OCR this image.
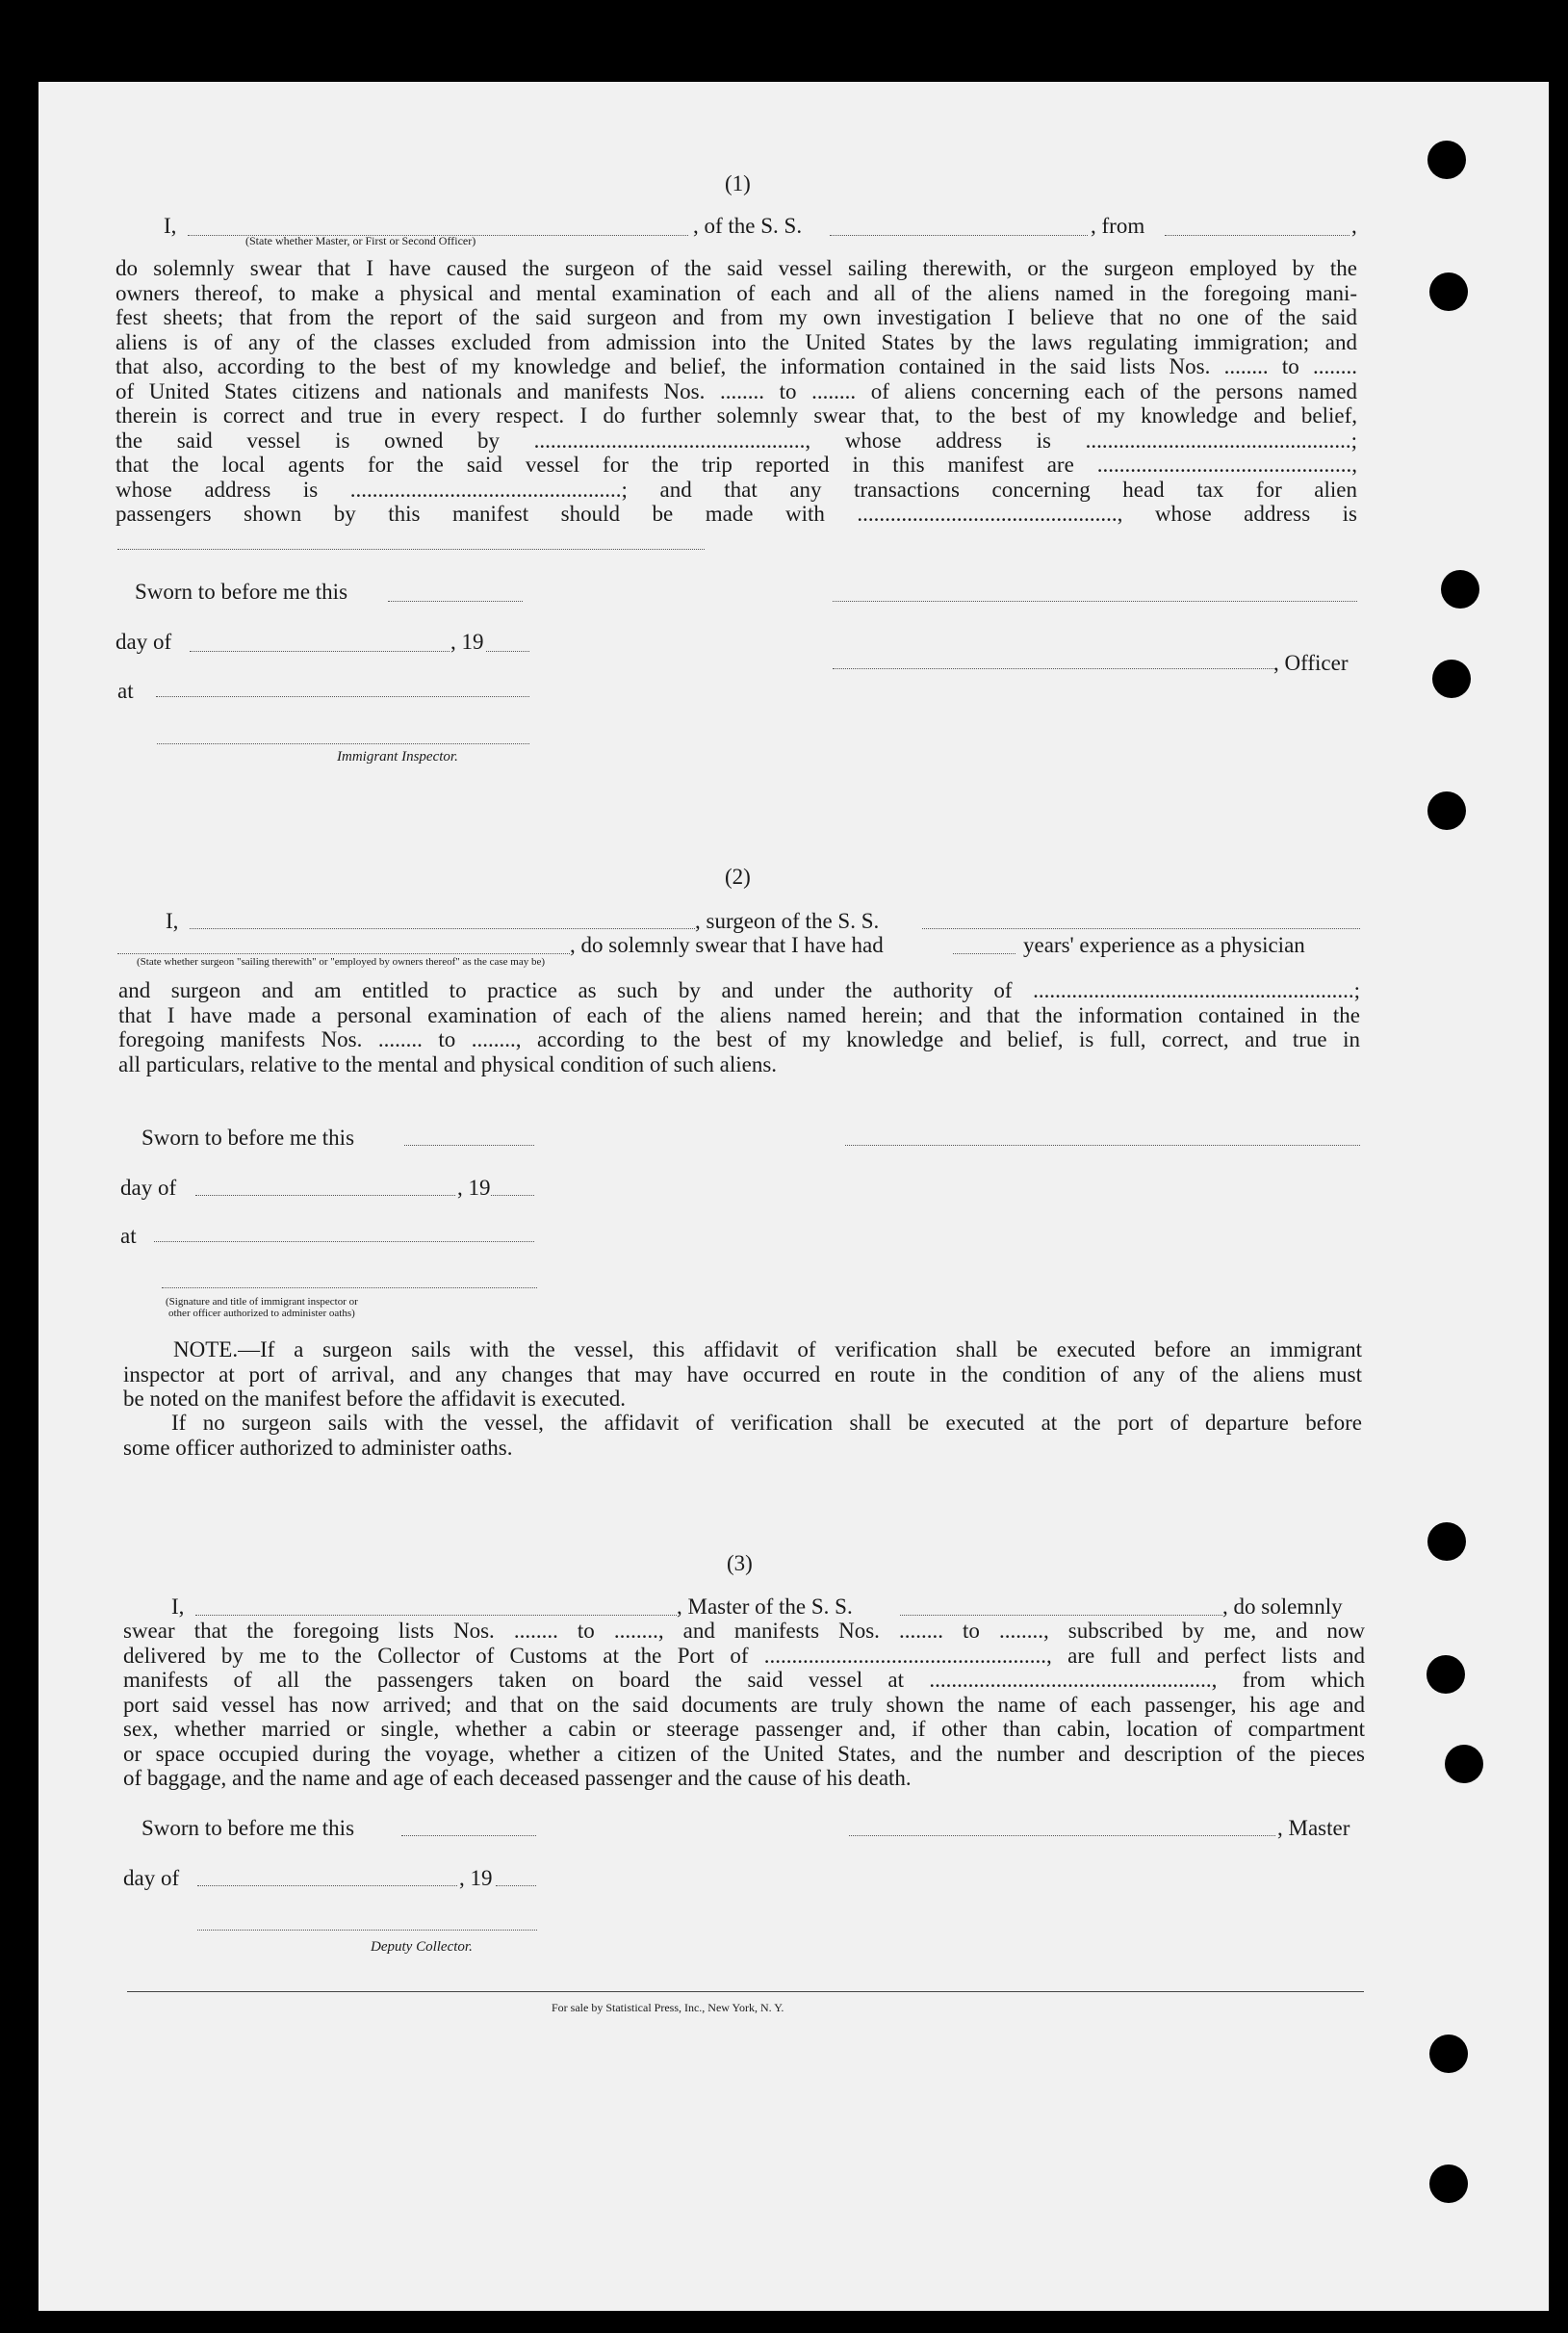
(1)
I,
(State whether Master, or First or Second Officer)
, of the S. S.	, from	,
do solemnly swear that I have caused the surgeon of the said vessel sailing therewith, or the surgeon employed by the
owners thereof, to make a physical and mental examination of each and all of the aliens named in the foregoing mani-
fest sheets; that from the report of the said surgeon and from my own investigation I believe that no one of the said
aliens is of any of the classes excluded from admission into the United States by the laws regulating immigration; and
that also, according to the best of my knowledge and belief, the information contained in the said lists Nos. ........ to ........
of United States citizens and nationals and manifests Nos. ........ to ........ of aliens concerning each of the persons named
therein is correct and true in every respect. I do further solemnly swear that, to the best of my knowledge and belief,
the said vessel is owned by ................................................., whose address is ................................................;
that the local agents for the said vessel for the trip reported in this manifest are ..............................................,
whose address is .................................................; and that any transactions concerning head tax for alien
passengers shown by this manifest should be made with ..............................................., whose address is
Sworn to before me this
day of	, 19
, Officer
at
Immigrant Inspector.
(2)
I,	, surgeon of the S. S.
, do solemnly swear that I have had	years' experience as a physician
(State whether surgeon "sailing therewith" or "employed by owners thereof" as the case may be)
and surgeon and am entitled to practice as such by and under the authority of ..........................................................;
that I have made a personal examination of each of the aliens named herein; and that the information contained in the
foregoing manifests Nos. ........ to ........, according to the best of my knowledge and belief, is full, correct, and true in
all particulars, relative to the mental and physical condition of such aliens.
Sworn to before me this
day of	, 19
at
(Signature and title of immigrant inspector or
other officer authorized to administer oaths)
NOTE.—If a surgeon sails with the vessel, this affidavit of verification shall be executed before an immigrant
inspector at port of arrival, and any changes that may have occurred en route in the condition of any of the aliens must
be noted on the manifest before the affidavit is executed.
If no surgeon sails with the vessel, the affidavit of verification shall be executed at the port of departure before
some officer authorized to administer oaths.
(3)
I,	, Master of the S. S.	, do solemnly
swear that the foregoing lists Nos. ........ to ........, and manifests Nos. ........ to ........, subscribed by me, and now
delivered by me to the Collector of Customs at the Port of ..................................................., are full and perfect lists and
manifests of all the passengers taken on board the said vessel at ..................................................., from which
port said vessel has now arrived; and that on the said documents are truly shown the name of each passenger, his age and
sex, whether married or single, whether a cabin or steerage passenger and, if other than cabin, location of compartment
or space occupied during the voyage, whether a citizen of the United States, and the number and description of the pieces
of baggage, and the name and age of each deceased passenger and the cause of his death.
Sworn to before me this	, Master
day of	, 19
Deputy Collector.
For sale by Statistical Press, Inc., New York, N. Y.
